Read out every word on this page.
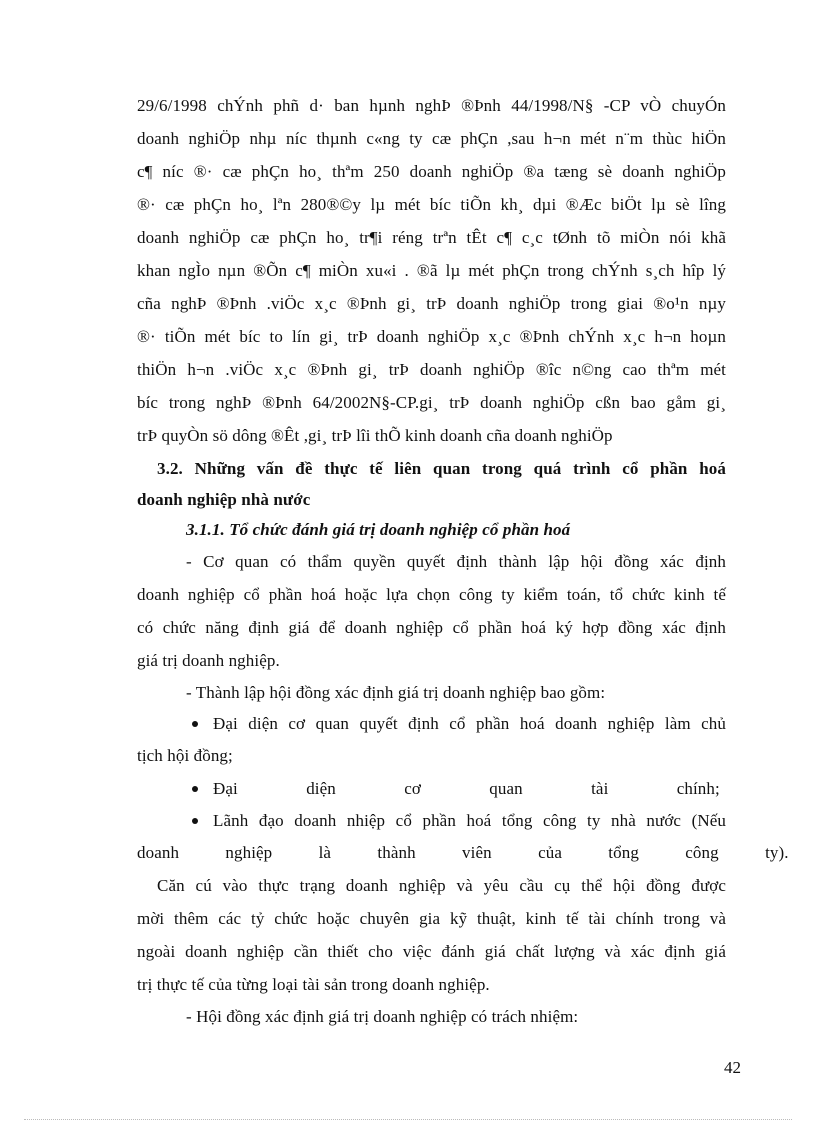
29/6/1998 chÝnh phñ d· ban hµnh nghÞ ®Þnh 44/1998/N§ -CP vÒ chuyÓn
doanh nghiÖp nhµ níc thµnh c«ng ty cæ phÇn ,sau h¬n mét n¨m thùc hiÖn
c¶ níc ®· cæ phÇn ho¸ thªm 250 doanh nghiÖp ®a tæng sè doanh nghiÖp
®· cæ phÇn ho¸ lªn 280®©y lµ mét bíc tiÕn kh¸ dµi ®Æc biÖt lµ sè lîng
doanh nghiÖp cæ phÇn ho¸ tr¶i réng trªn tÊt c¶ c¸c tØnh tõ miÒn nói khã
khan ngÌo nµn ®Õn c¶ miÒn xu«i . ®ã lµ mét phÇn trong chÝnh s¸ch hîp lý
cña nghÞ ®Þnh .viÖc x¸c ®Þnh gi¸ trÞ doanh nghiÖp trong giai ®o¹n nµy
®· tiÕn mét bíc to lín gi¸ trÞ doanh nghiÖp x¸c ®Þnh chÝnh x¸c h¬n hoµn
thiÖn h¬n .viÖc x¸c ®Þnh gi¸ trÞ doanh nghiÖp ®îc n©ng cao thªm mét
bíc trong nghÞ ®Þnh 64/2002N§-CP.gi¸ trÞ doanh nghiÖp cßn bao gåm gi¸
trÞ quyÒn sö dông ®Êt ,gi¸ trÞ lîi thÕ kinh doanh cña doanh nghiÖp
3.2. Những vấn đề thực tế liên quan trong quá trình cổ phần hoá
doanh nghiệp nhà nước
3.1.1. Tổ chức đánh giá trị doanh nghiệp cổ phần hoá
- Cơ quan có thẩm quyền quyết định thành lập hội đồng xác định
doanh nghiệp cổ phần hoá hoặc lựa chọn công ty kiểm toán, tổ chức kinh tế
có chức năng định giá để doanh nghiệp cổ phần hoá ký hợp đồng xác định
giá trị doanh nghiệp.
- Thành lập hội đồng xác định giá trị doanh nghiệp bao gồm:
Đại diện cơ quan quyết định cổ phần hoá doanh nghiệp làm chủ
tịch hội đồng;
Đại diện cơ quan tài chính;
Lãnh đạo doanh nhiệp cổ phần hoá tổng công ty nhà nước (Nếu
doanh nghiệp là thành viên của tổng công ty).
Căn cú vào thực trạng doanh nghiệp và yêu cầu cụ thể hội đồng được
mời thêm các tỷ chức hoặc chuyên gia kỹ thuật, kinh tế tài chính trong và
ngoài doanh nghiệp cần thiết cho việc đánh giá chất lượng và xác định giá
trị thực tế của từng loại tài sản trong doanh nghiệp.
- Hội đồng xác định giá trị doanh nghiệp có trách nhiệm:
42
